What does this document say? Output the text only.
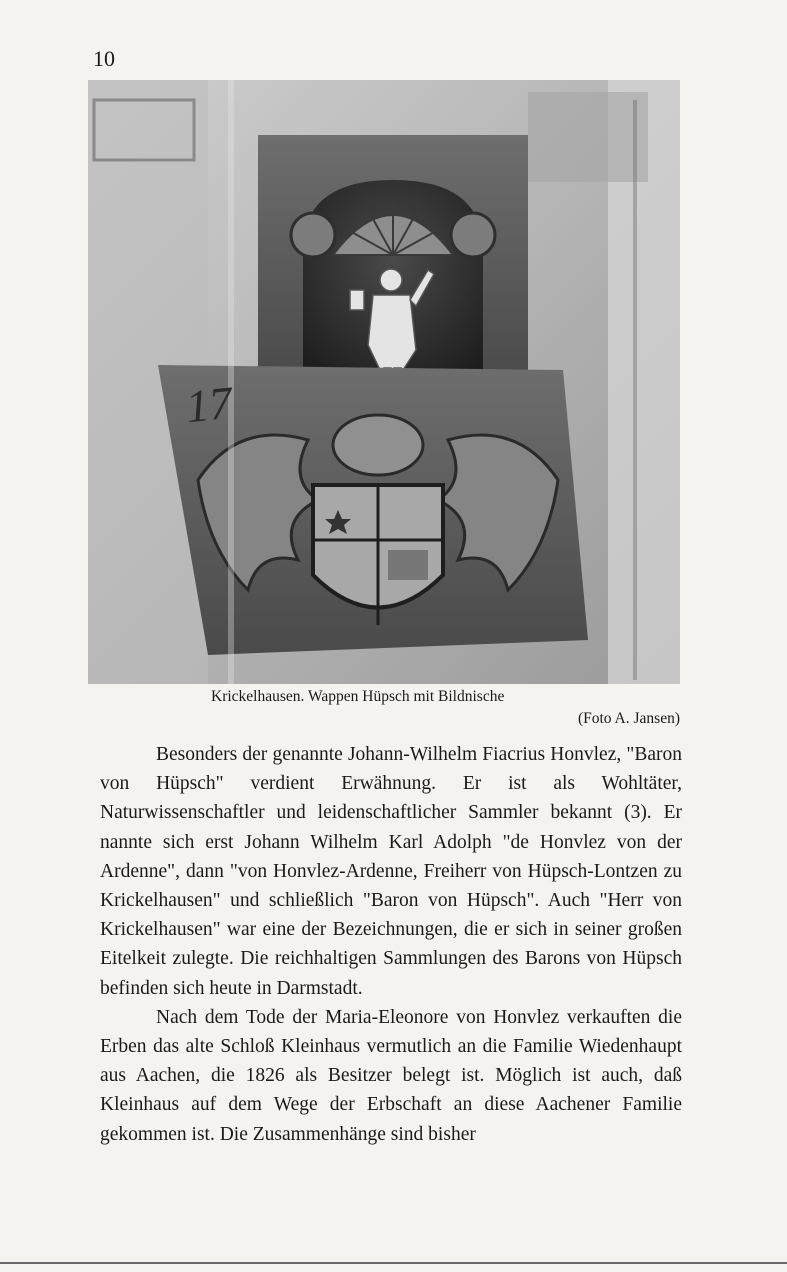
10
17
Krickelhausen. Wappen Hüpsch mit Bildnische
(Foto A. Jansen)

Besonders der genannte Johann-Wilhelm Fiacrius Honvlez, "Baron von Hüpsch" verdient Erwähnung. Er ist als Wohltäter, Naturwissenschaftler und leidenschaftlicher Sammler bekannt (3). Er nannte sich erst Johann Wilhelm Karl Adolph "de Honvlez von der Ardenne", dann "von Honvlez-Ardenne, Freiherr von Hüpsch-Lontzen zu Krickelhausen" und schließlich "Baron von Hüpsch". Auch "Herr von Krickelhausen" war eine der Bezeichnungen, die er sich in seiner großen Eitelkeit zulegte. Die reichhaltigen Sammlungen des Barons von Hüpsch befinden sich heute in Darmstadt.

Nach dem Tode der Maria-Eleonore von Honvlez verkauften die Erben das alte Schloß Kleinhaus vermutlich an die Familie Wiedenhaupt aus Aachen, die 1826 als Besitzer belegt ist. Möglich ist auch, daß Kleinhaus auf dem Wege der Erbschaft an diese Aachener Familie gekommen ist. Die Zusammenhänge sind bisher
